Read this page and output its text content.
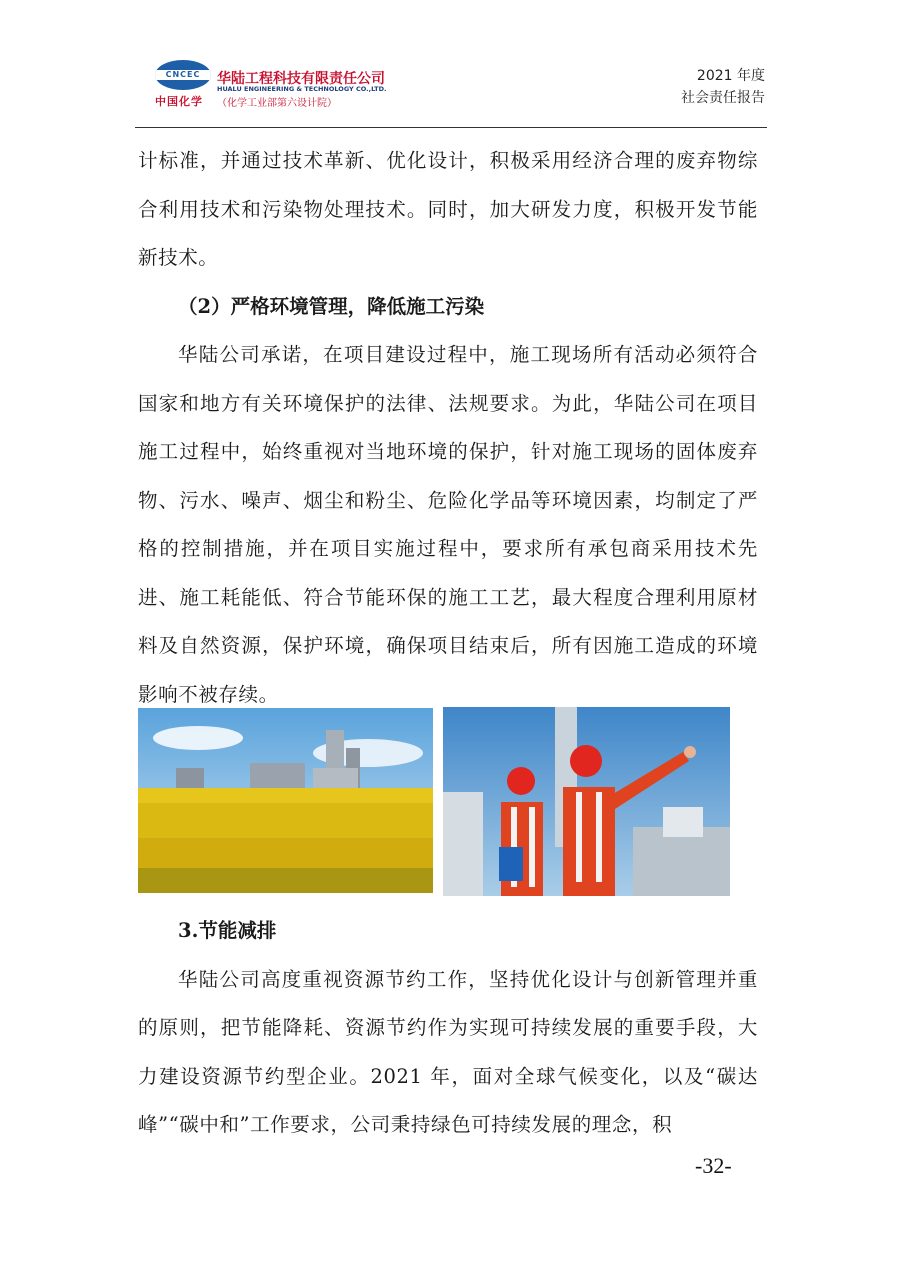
CNCEC
中国化学
华陆工程科技有限责任公司
HUALU ENGINEERING & TECHNOLOGY CO.,LTD.
（化学工业部第六设计院）
2021 年度
社会责任报告

计标准，并通过技术革新、优化设计，积极采用经济合理的废弃物综合利用技术和污染物处理技术。同时，加大研发力度，积极开发节能新技术。

（2）严格环境管理，降低施工污染

华陆公司承诺，在项目建设过程中，施工现场所有活动必须符合国家和地方有关环境保护的法律、法规要求。为此，华陆公司在项目施工过程中，始终重视对当地环境的保护，针对施工现场的固体废弃物、污水、噪声、烟尘和粉尘、危险化学品等环境因素，均制定了严格的控制措施，并在项目实施过程中，要求所有承包商采用技术先进、施工耗能低、符合节能环保的施工工艺，最大程度合理利用原材料及自然资源，保护环境，确保项目结束后，所有因施工造成的环境影响不被存续。

3.节能减排

华陆公司高度重视资源节约工作，坚持优化设计与创新管理并重的原则，把节能降耗、资源节约作为实现可持续发展的重要手段，大力建设资源节约型企业。2021 年，面对全球气候变化，以及“碳达峰”“碳中和”工作要求，公司秉持绿色可持续发展的理念，积

-32-
